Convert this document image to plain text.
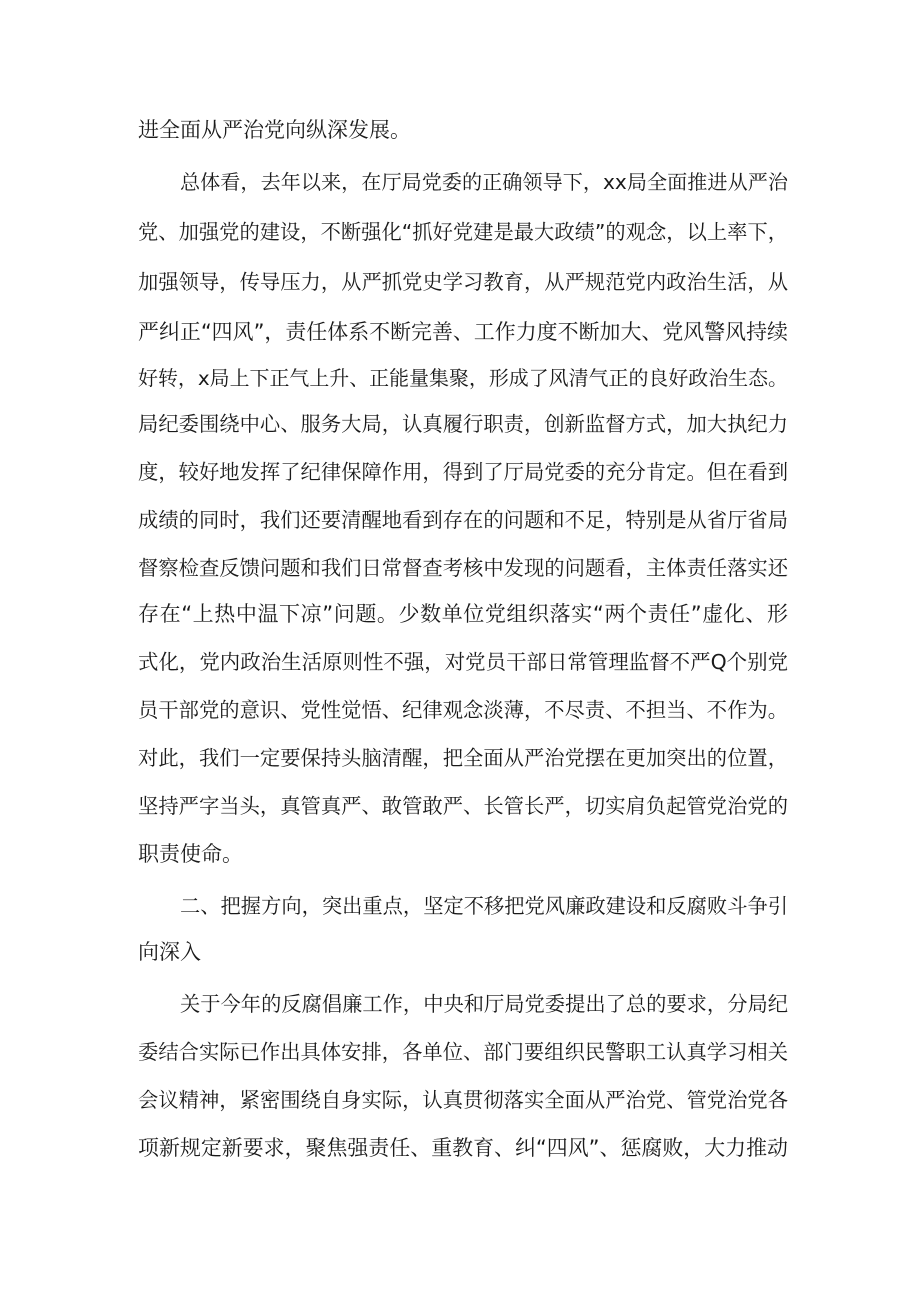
进全面从严治党向纵深发展。
总体看，去年以来，在厅局党委的正确领导下，xx局全面推进从严治
党、加强党的建设，不断强化“抓好党建是最大政绩”的观念，以上率下，
加强领导，传导压力，从严抓党史学习教育，从严规范党内政治生活，从
严纠正“四风”，责任体系不断完善、工作力度不断加大、党风警风持续
好转，x局上下正气上升、正能量集聚，形成了风清气正的良好政治生态。
局纪委围绕中心、服务大局，认真履行职责，创新监督方式，加大执纪力
度，较好地发挥了纪律保障作用，得到了厅局党委的充分肯定。但在看到
成绩的同时，我们还要清醒地看到存在的问题和不足，特别是从省厅省局
督察检查反馈问题和我们日常督查考核中发现的问题看，主体责任落实还
存在“上热中温下凉”问题。少数单位党组织落实“两个责任”虚化、形
式化，党内政治生活原则性不强，对党员干部日常管理监督不严Q个别党
员干部党的意识、党性觉悟、纪律观念淡薄，不尽责、不担当、不作为。
对此，我们一定要保持头脑清醒，把全面从严治党摆在更加突出的位置，
坚持严字当头，真管真严、敢管敢严、长管长严，切实肩负起管党治党的
职责使命。
二、把握方向，突出重点，坚定不移把党风廉政建设和反腐败斗争引
向深入
关于今年的反腐倡廉工作，中央和厅局党委提出了总的要求，分局纪
委结合实际已作出具体安排，各单位、部门要组织民警职工认真学习相关
会议精神，紧密围绕自身实际，认真贯彻落实全面从严治党、管党治党各
项新规定新要求，聚焦强责任、重教育、纠“四风”、惩腐败，大力推动
